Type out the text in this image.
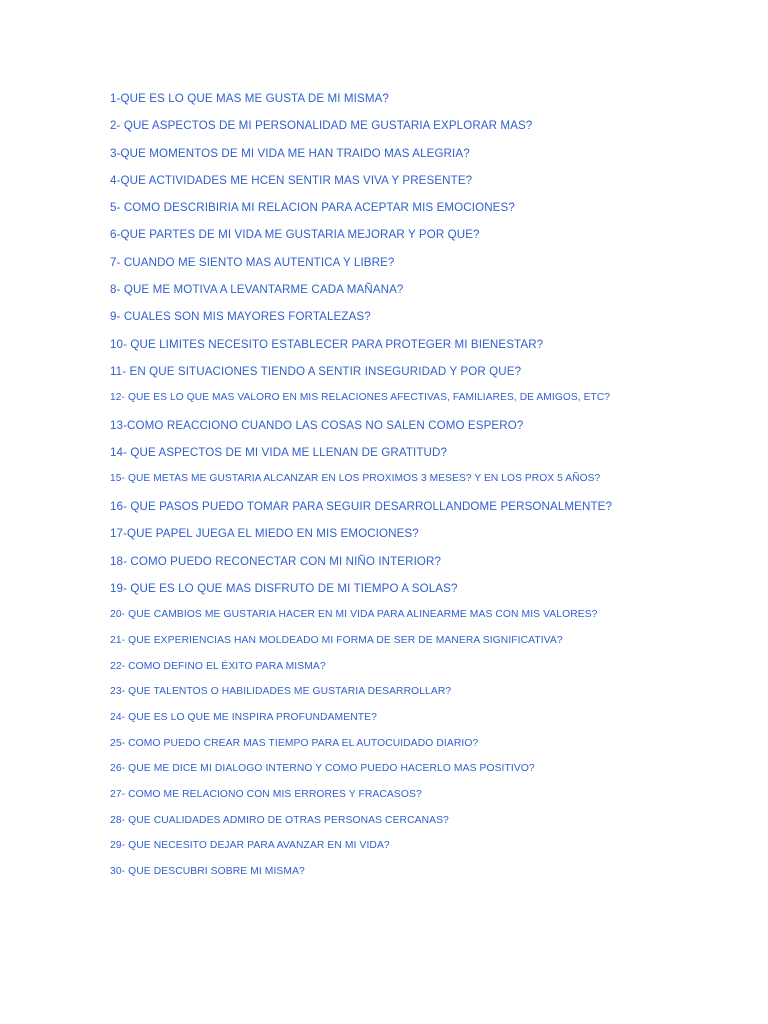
1-QUE ES LO QUE MAS ME GUSTA DE MI MISMA?
2- QUE ASPECTOS DE MI PERSONALIDAD ME GUSTARIA EXPLORAR MAS?
3-QUE MOMENTOS DE MI VIDA ME HAN TRAIDO MAS ALEGRIA?
4-QUE ACTIVIDADES ME HCEN SENTIR MAS VIVA Y PRESENTE?
5- COMO DESCRIBIRIA MI RELACION PARA ACEPTAR MIS EMOCIONES?
6-QUE PARTES DE MI VIDA ME GUSTARIA MEJORAR Y POR QUE?
7- CUANDO ME SIENTO MAS AUTENTICA Y LIBRE?
8- QUE ME MOTIVA A LEVANTARME CADA MAÑANA?
9- CUALES SON MIS MAYORES FORTALEZAS?
10- QUE LIMITES NECESITO ESTABLECER PARA PROTEGER MI BIENESTAR?
11- EN QUE SITUACIONES TIENDO A SENTIR INSEGURIDAD Y POR QUE?
12- QUE ES LO QUE MAS VALORO EN MIS RELACIONES AFECTIVAS, FAMILIARES, DE AMIGOS, ETC?
13-COMO REACCIONO CUANDO LAS COSAS NO SALEN COMO ESPERO?
14- QUE ASPECTOS DE MI VIDA ME LLENAN DE GRATITUD?
15- QUE METAS ME GUSTARIA ALCANZAR EN LOS PROXIMOS 3 MESES? Y EN LOS PROX 5 AÑOS?
16- QUE PASOS PUEDO TOMAR PARA SEGUIR DESARROLLANDOME PERSONALMENTE?
17-QUE PAPEL JUEGA EL MIEDO EN MIS EMOCIONES?
18- COMO PUEDO RECONECTAR CON MI NIÑO INTERIOR?
19- QUE ES LO QUE MAS DISFRUTO DE MI TIEMPO A SOLAS?
20- QUE CAMBIOS ME GUSTARIA HACER EN MI VIDA PARA ALINEARME MAS CON MIS VALORES?
21- QUE EXPERIENCIAS HAN MOLDEADO MI FORMA DE SER DE MANERA SIGNIFICATIVA?
22- COMO DEFINO EL ÉXITO PARA MISMA?
23- QUE TALENTOS O HABILIDADES ME GUSTARIA DESARROLLAR?
24- QUE ES LO QUE ME INSPIRA PROFUNDAMENTE?
25- COMO PUEDO CREAR MAS TIEMPO PARA EL AUTOCUIDADO DIARIO?
26- QUE ME DICE MI DIALOGO INTERNO Y COMO PUEDO HACERLO MAS POSITIVO?
27- COMO ME RELACIONO CON MIS ERRORES Y FRACASOS?
28- QUE CUALIDADES ADMIRO DE OTRAS PERSONAS CERCANAS?
29- QUE NECESITO DEJAR PARA AVANZAR EN MI VIDA?
30- QUE DESCUBRI SOBRE MI MISMA?
